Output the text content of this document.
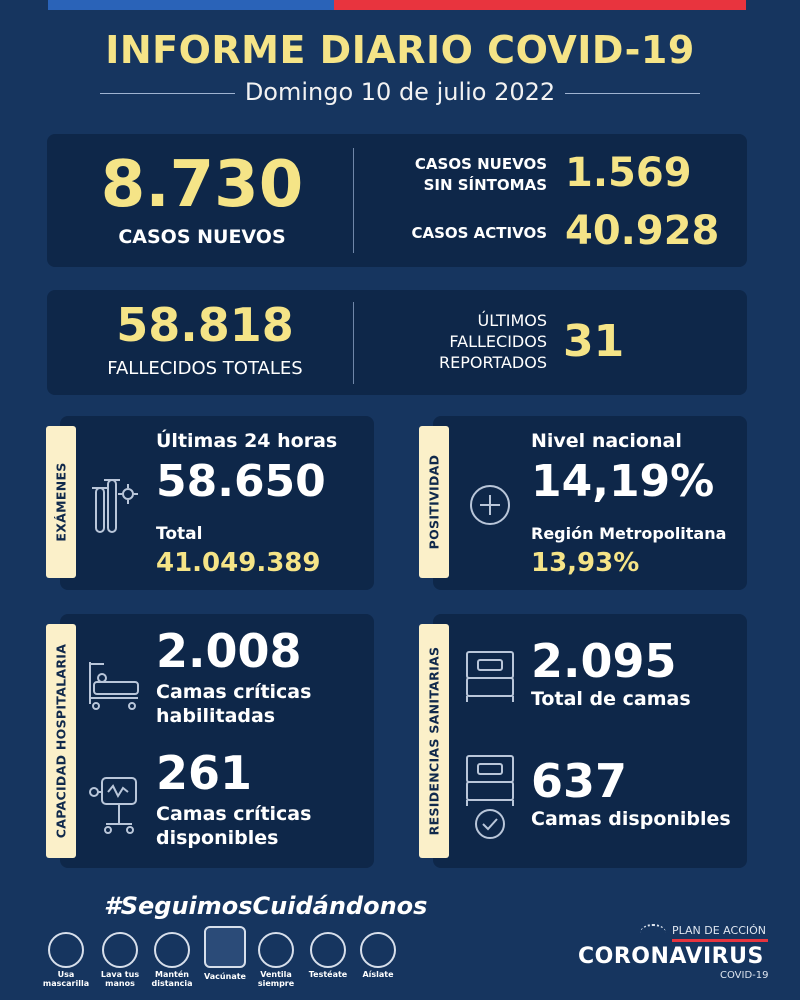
INFORME DIARIO COVID-19
Domingo 10 de julio 2022
8.730
CASOS NUEVOS
CASOS NUEVOS
SIN SÍNTOMAS 1.569
CASOS ACTIVOS 40.928
58.818
FALLECIDOS TOTALES
ÚLTIMOS
FALLECIDOS
REPORTADOS 31
EXÁMENES
Últimas 24 horas
58.650
Total
41.049.389
POSITIVIDAD
Nivel nacional
14,19%
Región Metropolitana
13,93%
CAPACIDAD HOSPITALARIA 2.008
Camas críticas
habilitadas
261
Camas críticas
disponibles
RESIDENCIAS SANITARIAS 2.095
Total de camas
637
Camas disponibles
#SeguimosCuidándonos
Usa
mascarilla
Lava tus
manos
Mantén
distancia
Vacúnate	Ventila
siempre
Testéate	Aíslate
PLAN DE ACCIÓN
CORONAVIRUS
COVID-19
